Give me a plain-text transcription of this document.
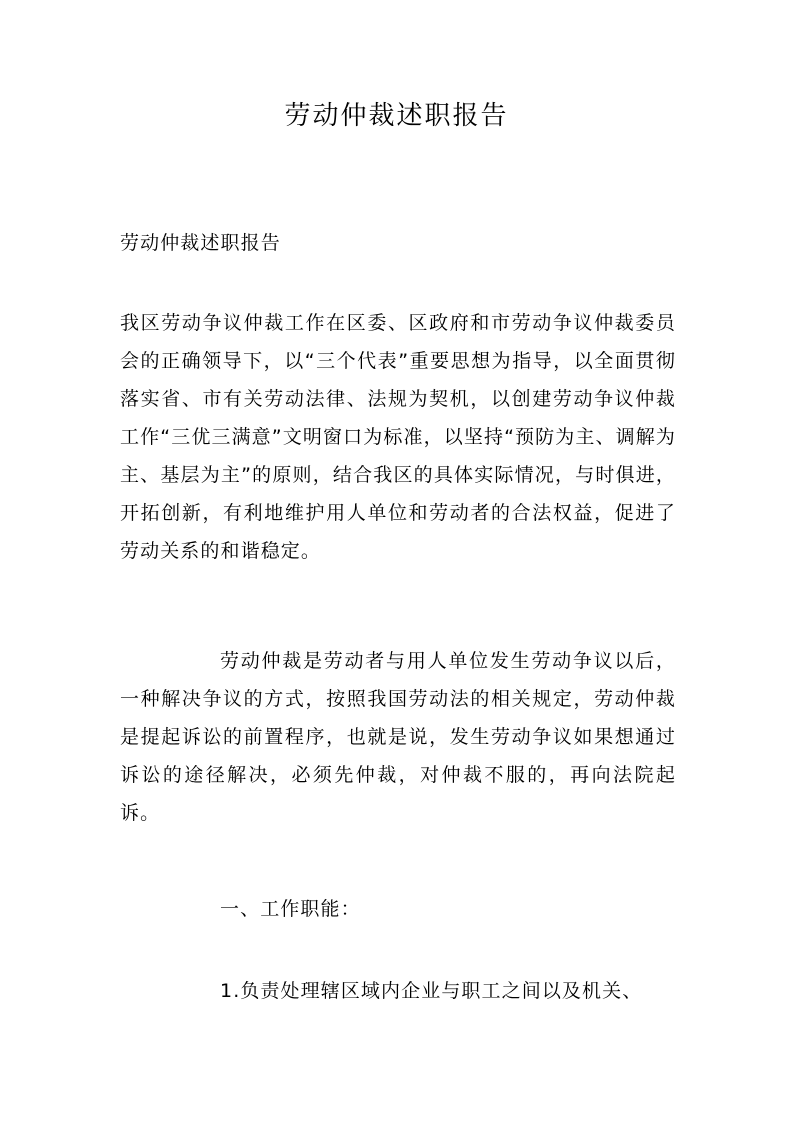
劳动仲裁述职报告
劳动仲裁述职报告
我区劳动争议仲裁工作在区委、区政府和市劳动争议仲裁委员会的正确领导下，以“三个代表”重要思想为指导，以全面贯彻落实省、市有关劳动法律、法规为契机，以创建劳动争议仲裁工作“三优三满意”文明窗口为标准，以坚持“预防为主、调解为主、基层为主”的原则，结合我区的具体实际情况，与时俱进，开拓创新，有利地维护用人单位和劳动者的合法权益，促进了劳动关系的和谐稳定。
劳动仲裁是劳动者与用人单位发生劳动争议以后，一种解决争议的方式，按照我国劳动法的相关规定，劳动仲裁是提起诉讼的前置程序，也就是说，发生劳动争议如果想通过诉讼的途径解决，必须先仲裁，对仲裁不服的，再向法院起诉。
一、工作职能：
1.负责处理辖区域内企业与职工之间以及机关、
